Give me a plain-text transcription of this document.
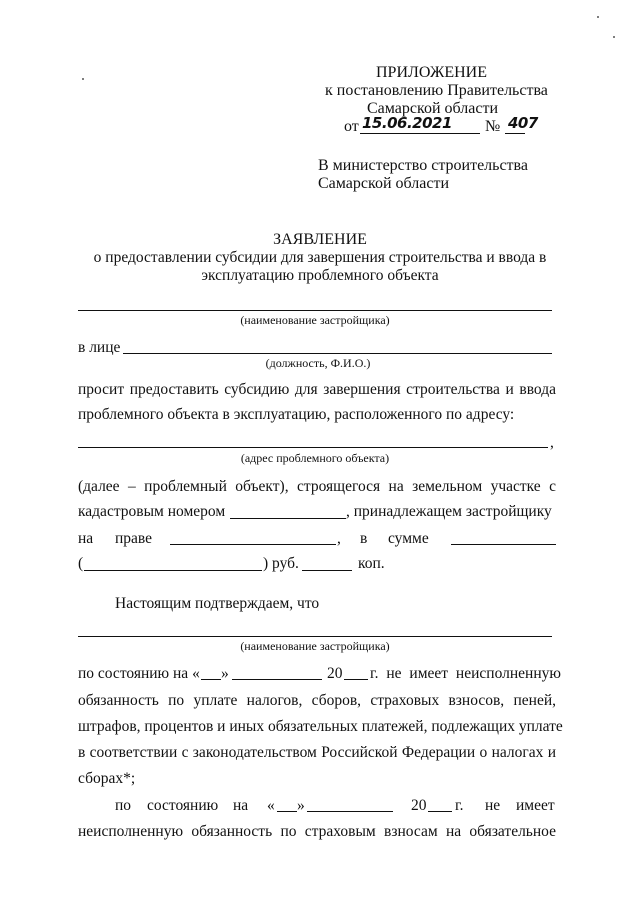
ПРИЛОЖЕНИЕ
к постановлению Правительства
Самарской области
от 15.06.2021 № 407
В министерство строительства
Самарской области
ЗАЯВЛЕНИЕ
о предоставлении субсидии для завершения строительства и ввода в
эксплуатацию проблемного объекта
(наименование застройщика)
в лице
(должность, Ф.И.О.)
просит предоставить субсидию для завершения строительства и ввода
проблемного объекта в эксплуатацию, расположенного по адресу:
,
(адрес проблемного объекта)
(далее – проблемный объект), строящегося на земельном участке с
кадастровым номером	, принадлежащем застройщику
на праве	, в сумме
(	) руб.	коп.
Настоящим подтверждаем, что
(наименование застройщика)
по состоянию на « »	20 г. не имеет неисполненную
обязанность по уплате налогов, сборов, страховых взносов, пеней,
штрафов, процентов и иных обязательных платежей, подлежащих уплате
в соответствии с законодательством Российской Федерации о налогах и
сборах*;
по состоянию на « »	20 г. не имеет
неисполненную обязанность по страховым взносам на обязательное
